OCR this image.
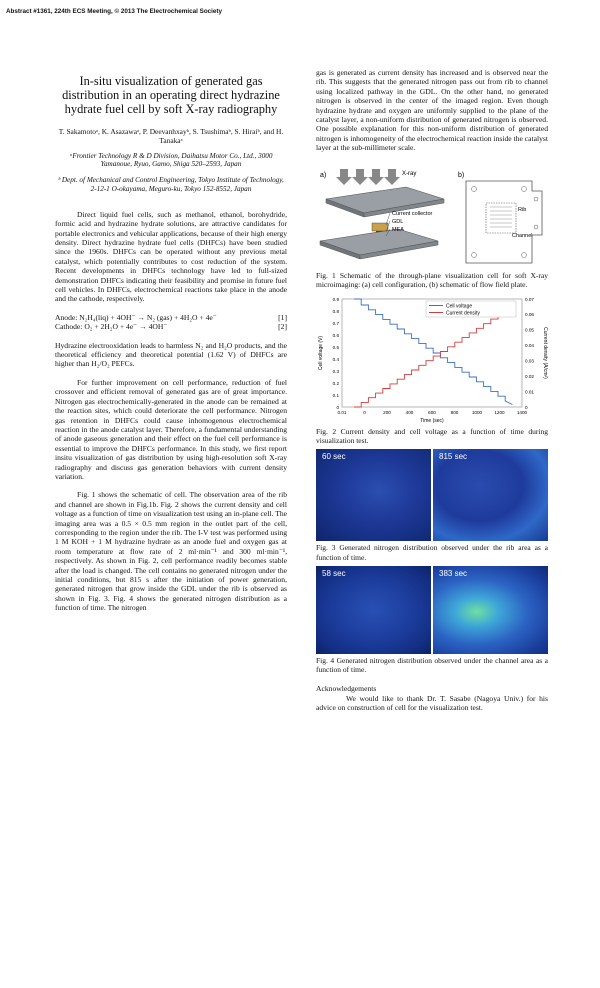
Abstract #1361, 224th ECS Meeting, © 2013 The Electrochemical Society
In-situ visualization of generated gas distribution in an operating direct hydrazine hydrate fuel cell by soft X-ray radiography
T. Sakamotoᵃ, K. Asazawaᵃ, P. Deevanhxayᵇ, S. Tsushimaᵇ, S. Hiraiᵇ, and H. Tanakaᵃ
ᵃFrontier Technology R & D Division, Daihatsu Motor Co., Ltd., 3000 Yamanoue, Ryuo, Gamo, Shiga 520–2593, Japan
ᵇ Dept. of Mechanical and Control Engineering, Tokyo Institute of Technology, 2-12-1 O-okayama, Meguro-ku, Tokyo 152-8552, Japan

Direct liquid fuel cells, such as methanol, ethanol, borohydride, formic acid and hydrazine hydrate solutions, are attractive candidates for portable electronics and vehicular applications, because of their high energy density. Direct hydrazine hydrate fuel cells (DHFCs) have been studied since the 1960s. DHFCs can be operated without any previous metal catalyst, which potentially contributes to cost reduction of the system. Recent developments in DHFCs technology have led to full-sized demonstration DHFCs indicating their feasibility and promise in future fuel cell vehicles. In DHFCs, electrochemical reactions take place in the anode and the cathode, respectively.

Anode: N₂H₄(liq) + 4OH⁻ → N₂ (gas) + 4H₂O + 4e⁻	[1]
Cathode: O₂ + 2H₂O + 4e⁻ → 4OH⁻	[2]

Hydrazine electrooxidation leads to harmless N₂ and H₂O products, and the theoretical efficiency and theoretical potential (1.62 V) of DHFCs are higher than H₂/O₂ PEFCs.

For further improvement on cell performance, reduction of fuel crossover and efficient removal of generated gas are of great importance. Nitrogen gas electrochemically-generated in the anode can be remained at the reaction sites, which could deteriorate the cell performance. Nitrogen gas retention in DHFCs could cause inhomogenous electrochemical reaction in the anode catalyst layer. Therefore, a fundamental understanding of anode gaseous generation and their effect on the fuel cell performance is essential to improve the DHFCs performance. In this study, we first report insitu visualization of gas distribution by using high-resolution soft X-ray radiography and discuss gas generation behaviors with current density variation.

Fig. 1 shows the schematic of cell. The observation area of the rib and channel are shown in Fig.1b. Fig. 2 shows the current density and cell voltage as a function of time on visualization test using an in-plane cell. The imaging area was a 0.5 × 0.5 mm region in the outlet part of the cell, corresponding to the region under the rib. The I-V test was performed using 1 M KOH + 1 M hydrazine hydrate as an anode fuel and oxygen gas at room temperature at flow rate of 2 ml·min⁻¹ and 300 ml·min⁻¹, respectively. As shown in Fig. 2, cell performance readily becomes stable after the load is changed. The cell contains no generated nitrogen under the initial conditions, but 815 s after the initiation of power generation, generated nitrogen that grow inside the GDL under the rib is observed as shown in Fig. 3. Fig. 4 shows the generated nitrogen distribution as a function of time. The nitrogen

gas is generated as current density has increased and is observed near the rib. This suggests that the generated nitrogen pass out from rib to channel using localized pathway in the GDL. On the other hand, no generated nitrogen is observed in the center of the imaged region. Even though hydrazine hydrate and oxygen are uniformly supplied to the plane of the catalyst layer, a non-uniform distribution of generated nitrogen is observed. One possible explanation for this non-uniform distribution of generated nitrogen is inhomogeneity of the electrochemical reaction inside the catalyst layer at the sub-millimeter scale.

a)	b)
X-ray
Current collector
GDL
MEA
Rib
Channel
Fig. 1 Schematic of the through-plane visualization cell for soft X-ray microimaging: (a) cell configuration, (b) schematic of flow field plate.
0
0.1
0.2
0.3
0.4
0.5
0.6
0.7
0.8
0.9
0
0.01
0.02
0.03
0.04
0.05
0.06
0.07
0.01	0	200	400	600	800	1000	1200	1400
Cell voltage
Current density
Time (sec)
Cell voltage (V)	Current density (A/cm²)
Fig. 2 Current density and cell voltage as a function of time during visualization test.
60 sec	815 sec
Fig. 3 Generated nitrogen distribution observed under the rib area as a function of time.
58 sec	383 sec
Fig. 4 Generated nitrogen distribution observed under the channel area as a function of time.
Acknowledgements

We would like to thank Dr. T. Sasabe (Nagoya Univ.) for his advice on construction of cell for the visualization test.
